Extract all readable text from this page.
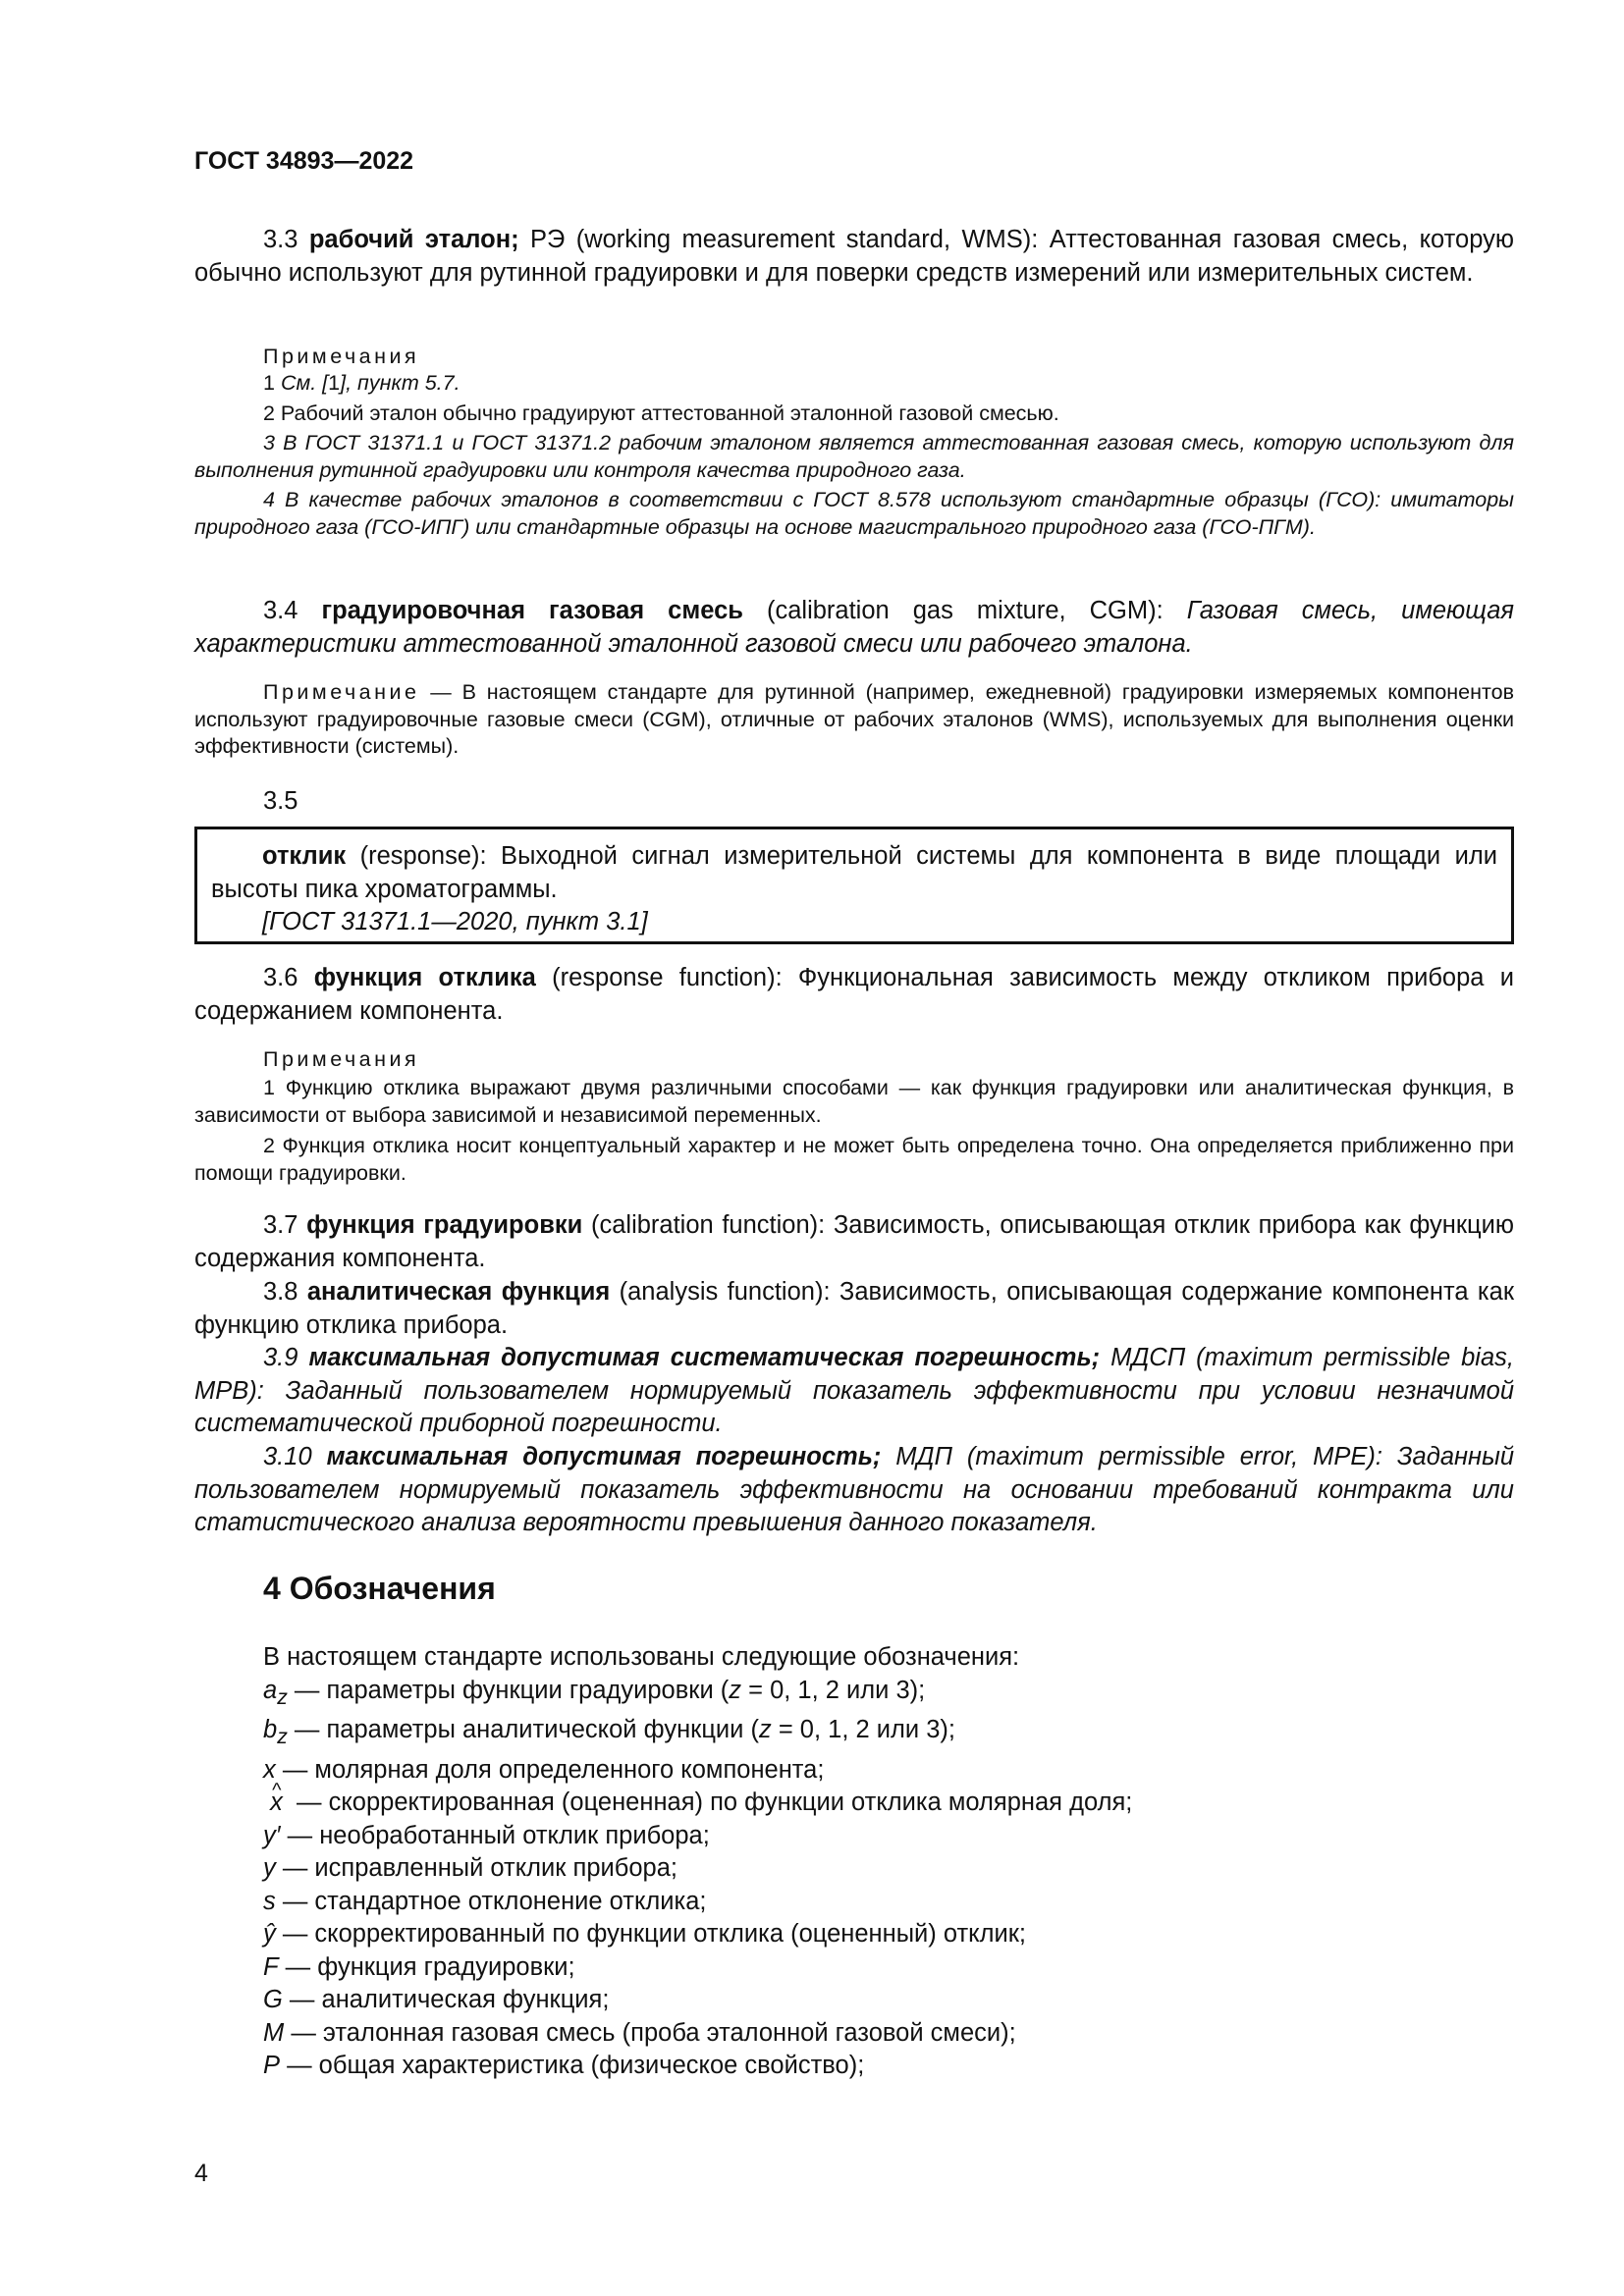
ГОСТ 34893—2022
3.3 рабочий эталон; РЭ (working measurement standard, WMS): Аттестованная газовая смесь, которую обычно используют для рутинной градуировки и для поверки средств измерений или измерительных систем.
Примечания
1 См. [1], пункт 5.7.
2 Рабочий эталон обычно градуируют аттестованной эталонной газовой смесью.
3 В ГОСТ 31371.1 и ГОСТ 31371.2 рабочим эталоном является аттестованная газовая смесь, которую используют для выполнения рутинной градуировки или контроля качества природного газа.
4 В качестве рабочих эталонов в соответствии с ГОСТ 8.578 используют стандартные образцы (ГСО): имитаторы природного газа (ГСО-ИПГ) или стандартные образцы на основе магистрального природного газа (ГСО-ПГМ).
3.4 градуировочная газовая смесь (calibration gas mixture, CGM): Газовая смесь, имеющая характеристики аттестованной эталонной газовой смеси или рабочего эталона.
Примечание — В настоящем стандарте для рутинной (например, ежедневной) градуировки измеряемых компонентов используют градуировочные газовые смеси (CGM), отличные от рабочих эталонов (WMS), используемых для выполнения оценки эффективности (системы).
3.5
отклик (response): Выходной сигнал измерительной системы для компонента в виде площади или высоты пика хроматограммы.
[ГОСТ 31371.1—2020, пункт 3.1]
3.6 функция отклика (response function): Функциональная зависимость между откликом прибора и содержанием компонента.
Примечания
1 Функцию отклика выражают двумя различными способами — как функция градуировки или аналитическая функция, в зависимости от выбора зависимой и независимой переменных.
2 Функция отклика носит концептуальный характер и не может быть определена точно. Она определяется приближенно при помощи градуировки.
3.7 функция градуировки (calibration function): Зависимость, описывающая отклик прибора как функцию содержания компонента.
3.8 аналитическая функция (analysis function): Зависимость, описывающая содержание компонента как функцию отклика прибора.
3.9 максимальная допустимая систематическая погрешность; МДСП (maximum permissible bias, MPB): Заданный пользователем нормируемый показатель эффективности при условии незначимой систематической приборной погрешности.
3.10 максимальная допустимая погрешность; МДП (maximum permissible error, MPE): Заданный пользователем нормируемый показатель эффективности на основании требований контракта или статистического анализа вероятности превышения данного показателя.
4 Обозначения
В настоящем стандарте использованы следующие обозначения:
$a_z$ — параметры функции градуировки (z = 0, 1, 2 или 3);
$b_z$ — параметры аналитической функции (z = 0, 1, 2 или 3);
x — молярная доля определенного компонента;
^ x  — скорректированная (оцененная) по функции отклика молярная доля;
y′ — необработанный отклик прибора;
y — исправленный отклик прибора;
s — стандартное отклонение отклика;
ŷ — скорректированный по функции отклика (оцененный) отклик;
F — функция градуировки;
G — аналитическая функция;
M — эталонная газовая смесь (проба эталонной газовой смеси);
P — общая характеристика (физическое свойство);
4
